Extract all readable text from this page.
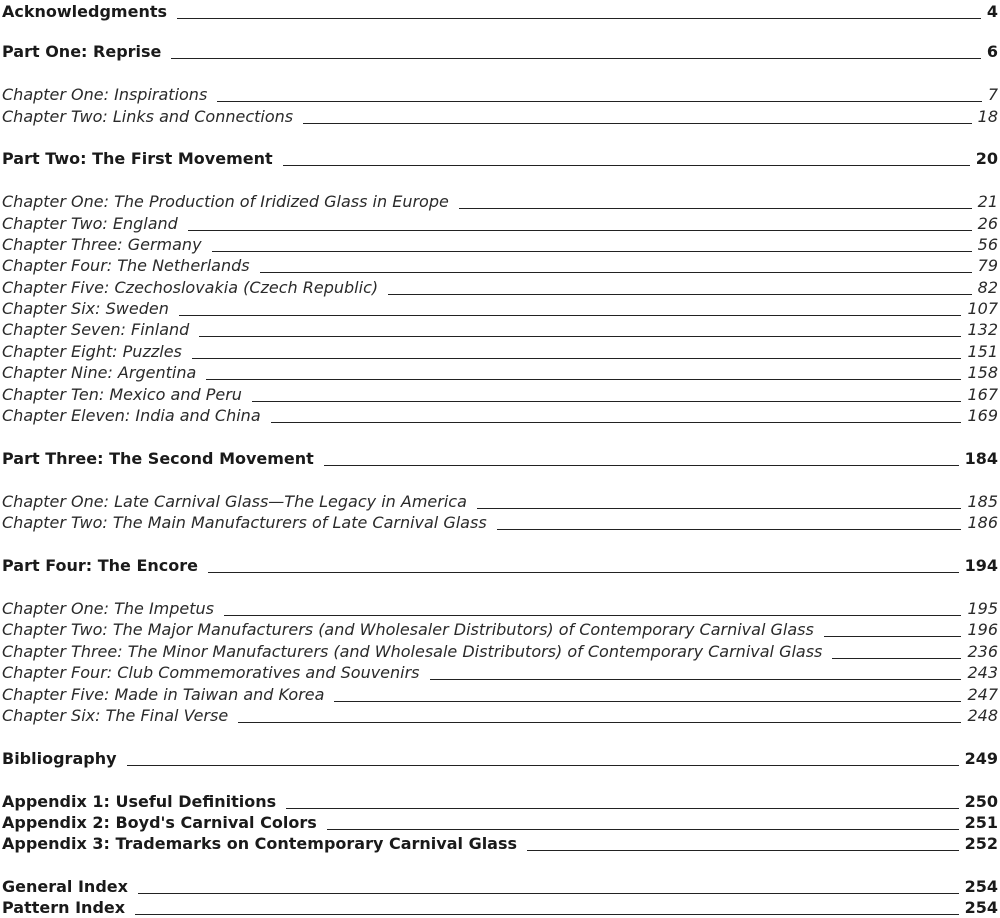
Acknowledgments	4
Part One: Reprise	6
Chapter One: Inspirations	7
Chapter Two: Links and Connections	18
Part Two: The First Movement	20
Chapter One: The Production of Iridized Glass in Europe	21
Chapter Two: England	26
Chapter Three: Germany	56
Chapter Four: The Netherlands	79
Chapter Five: Czechoslovakia (Czech Republic)	82
Chapter Six: Sweden	107
Chapter Seven: Finland	132
Chapter Eight: Puzzles	151
Chapter Nine: Argentina	158
Chapter Ten: Mexico and Peru	167
Chapter Eleven: India and China	169
Part Three: The Second Movement	184
Chapter One: Late Carnival Glass—The Legacy in America	185
Chapter Two: The Main Manufacturers of Late Carnival Glass	186
Part Four: The Encore	194
Chapter One: The Impetus	195
Chapter Two: The Major Manufacturers (and Wholesaler Distributors) of Contemporary Carnival Glass	196
Chapter Three: The Minor Manufacturers (and Wholesale Distributors) of Contemporary Carnival Glass	236
Chapter Four: Club Commemoratives and Souvenirs	243
Chapter Five: Made in Taiwan and Korea	247
Chapter Six: The Final Verse	248
Bibliography	249
Appendix 1: Useful Definitions	250
Appendix 2: Boyd's Carnival Colors	251
Appendix 3: Trademarks on Contemporary Carnival Glass	252
General Index	254
Pattern Index	254
